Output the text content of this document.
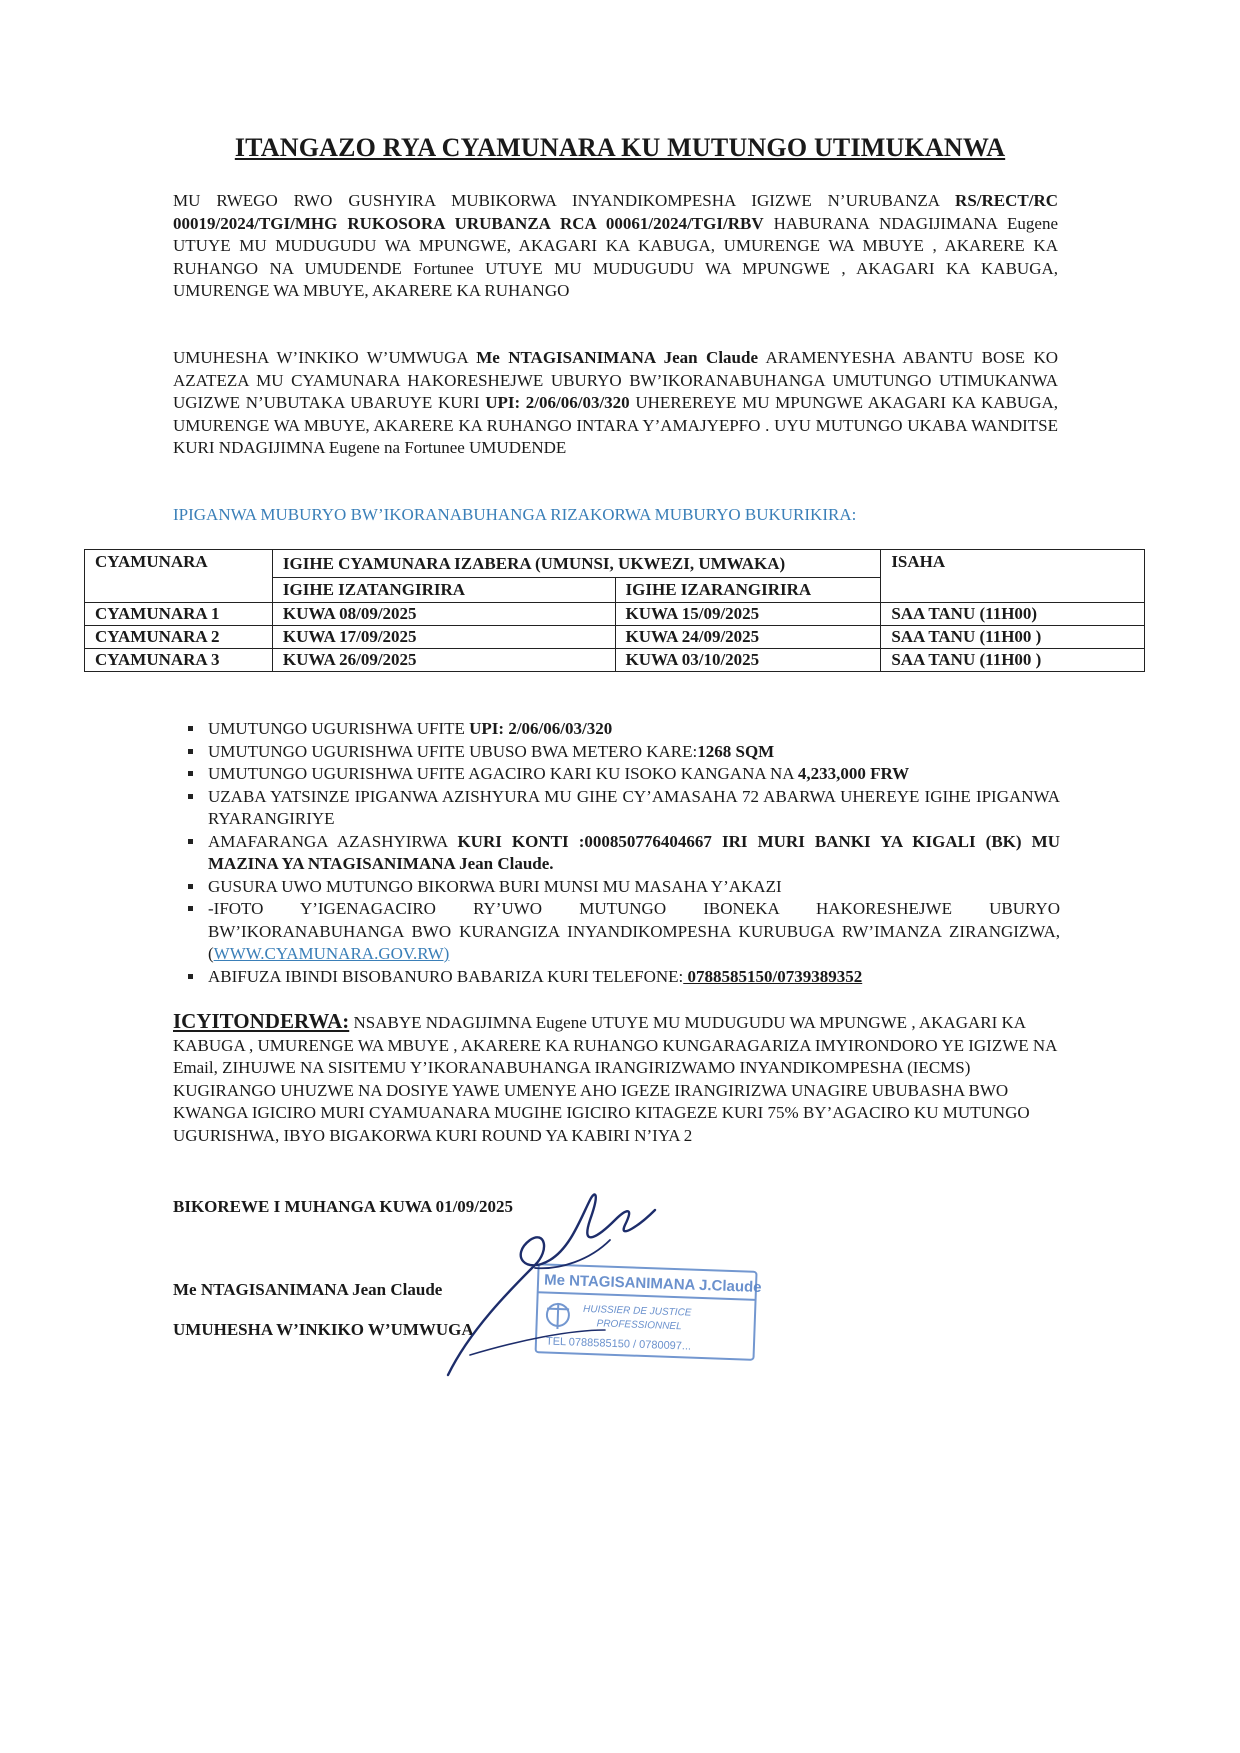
ITANGAZO RYA CYAMUNARA KU MUTUNGO UTIMUKANWA
MU RWEGO RWO GUSHYIRA MUBIKORWA INYANDIKOMPESHA IGIZWE N’URUBANZA RS/RECT/RC 00019/2024/TGI/MHG RUKOSORA URUBANZA RCA 00061/2024/TGI/RBV HABURANA NDAGIJIMANA Eugene UTUYE MU MUDUGUDU WA MPUNGWE, AKAGARI KA KABUGA, UMURENGE WA MBUYE , AKARERE KA RUHANGO NA UMUDENDE Fortunee UTUYE MU MUDUGUDU WA MPUNGWE , AKAGARI KA KABUGA, UMURENGE WA MBUYE, AKARERE KA RUHANGO
UMUHESHA W’INKIKO W’UMWUGA Me NTAGISANIMANA Jean Claude ARAMENYESHA ABANTU BOSE KO AZATEZA MU CYAMUNARA HAKORESHEJWE UBURYO BW’IKORANABUHANGA UMUTUNGO UTIMUKANWA UGIZWE N’UBUTAKA UBARUYE KURI UPI: 2/06/06/03/320 UHEREREYE MU MPUNGWE AKAGARI KA KABUGA, UMURENGE WA MBUYE, AKARERE KA RUHANGO INTARA Y’AMAJYEPFO . UYU MUTUNGO UKABA WANDITSE KURI NDAGIJIMNA Eugene na Fortunee UMUDENDE
IPIGANWA MUBURYO BW’IKORANABUHANGA RIZAKORWA MUBURYO BUKURIKIRA:
CYAMUNARA	IGIHE CYAMUNARA IZABERA (UMUNSI, UKWEZI, UMWAKA)		ISAHA
	IGIHE IZATANGIRIRA	IGIHE IZARANGIRIRA	
CYAMUNARA 1	KUWA 08/09/2025	KUWA 15/09/2025	SAA TANU (11H00)
CYAMUNARA 2	KUWA 17/09/2025	KUWA 24/09/2025	SAA TANU (11H00 )
CYAMUNARA 3	KUWA 26/09/2025	KUWA 03/10/2025	SAA TANU (11H00 )
UMUTUNGO UGURISHWA UFITE UPI: 2/06/06/03/320
UMUTUNGO UGURISHWA UFITE UBUSO BWA METERO KARE:1268 SQM
UMUTUNGO UGURISHWA UFITE AGACIRO KARI KU ISOKO KANGANA NA 4,233,000 FRW
UZABA YATSINZE IPIGANWA AZISHYURA MU GIHE CY’AMASAHA 72 ABARWA UHEREYE IGIHE IPIGANWA RYARANGIRIYE
AMAFARANGA AZASHYIRWA KURI KONTI :000850776404667 IRI MURI BANKI YA KIGALI (BK) MU MAZINA YA NTAGISANIMANA Jean Claude.
GUSURA UWO MUTUNGO BIKORWA BURI MUNSI MU MASAHA Y’AKAZI
-IFOTO Y’IGENAGACIRO RY’UWO MUTUNGO IBONEKA HAKORESHEJWE UBURYO BW’IKORANABUHANGA BWO KURANGIZA INYANDIKOMPESHA KURUBUGA RW’IMANZA ZIRANGIZWA, (WWW.CYAMUNARA.GOV.RW)
ABIFUZA IBINDI BISOBANURO BABARIZA KURI TELEFONE: 0788585150/0739389352
ICYITONDERWA: NSABYE NDAGIJIMNA Eugene UTUYE MU MUDUGUDU WA MPUNGWE , AKAGARI KA KABUGA , UMURENGE WA MBUYE , AKARERE KA RUHANGO KUNGARAGARIZA IMYIRONDORO YE IGIZWE NA Email, ZIHUJWE NA SISITEMU Y’IKORANABUHANGA IRANGIRIZWAMO INYANDIKOMPESHA (IECMS) KUGIRANGO UHUZWE NA DOSIYE YAWE UMENYE AHO IGEZE IRANGIRIZWA UNAGIRE UBUBASHA BWO KWANGA IGICIRO MURI CYAMUANARA MUGIHE IGICIRO KITAGEZE KURI 75% BY’AGACIRO KU MUTUNGO UGURISHWA, IBYO BIGAKORWA KURI ROUND YA KABIRI N’IYA 2
BIKOREWE I MUHANGA KUWA 01/09/2025
Me NTAGISANIMANA Jean Claude
UMUHESHA W’INKIKO W’UMWUGA
Me NTAGISANIMANA J.Claude
HUISSIER DE JUSTICE
PROFESSIONNEL
TEL 0788585150 / 0780097...
